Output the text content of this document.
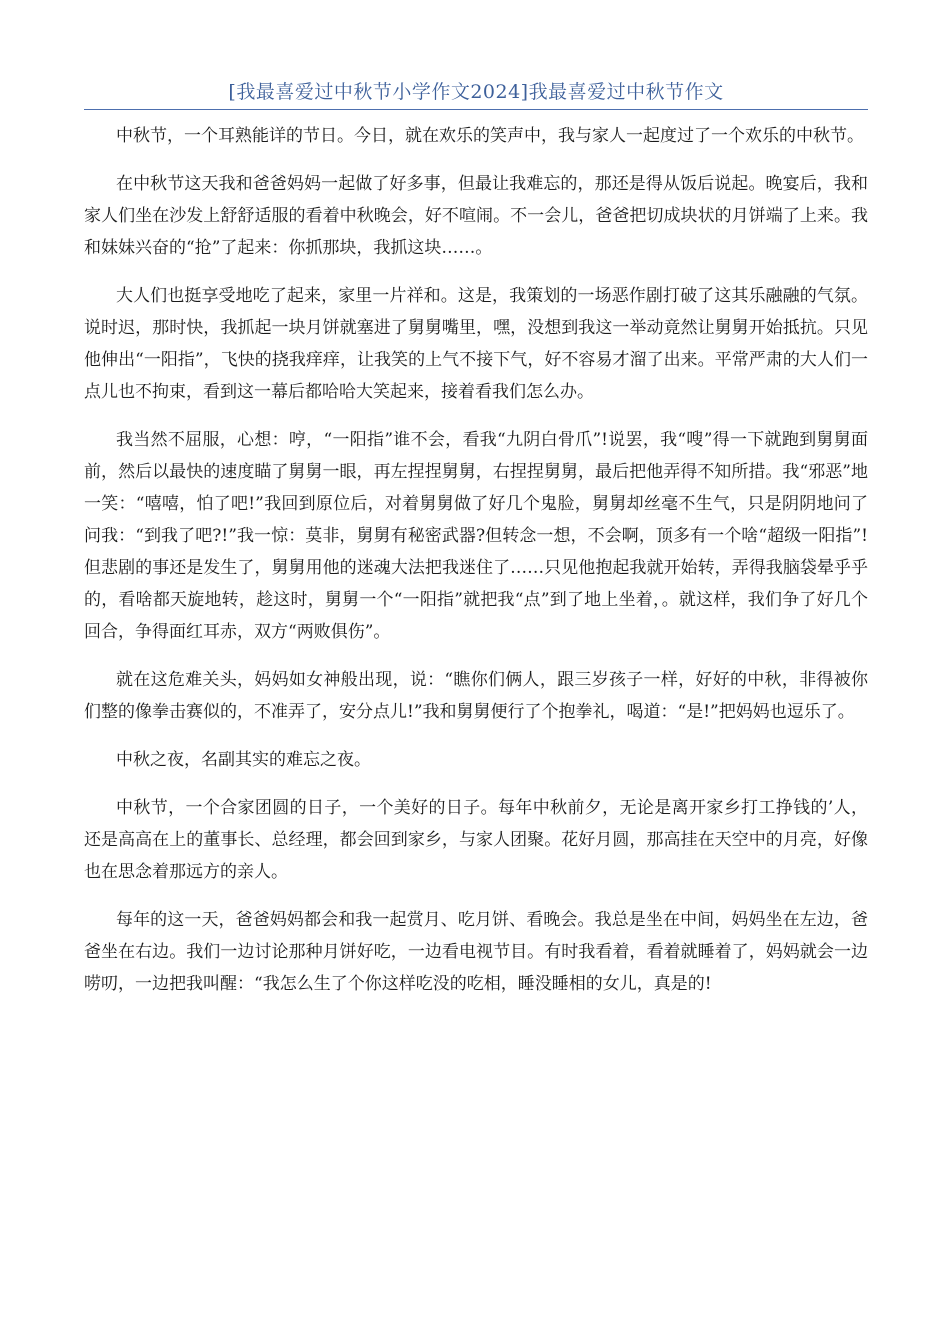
[我最喜爱过中秋节小学作文2024]我最喜爱过中秋节作文

中秋节，一个耳熟能详的节日。今日，就在欢乐的笑声中，我与家人一起度过了一个欢乐的中秋节。

在中秋节这天我和爸爸妈妈一起做了好多事，但最让我难忘的，那还是得从饭后说起。晚宴后，我和家人们坐在沙发上舒舒适服的看着中秋晚会，好不喧闹。不一会儿，爸爸把切成块状的月饼端了上来。我和妹妹兴奋的“抢”了起来：你抓那块，我抓这块……。

大人们也挺享受地吃了起来，家里一片祥和。这是，我策划的一场恶作剧打破了这其乐融融的气氛。说时迟，那时快，我抓起一块月饼就塞进了舅舅嘴里，嘿，没想到我这一举动竟然让舅舅开始抵抗。只见他伸出“一阳指”，飞快的挠我痒痒，让我笑的上气不接下气，好不容易才溜了出来。平常严肃的大人们一点儿也不拘束，看到这一幕后都哈哈大笑起来，接着看我们怎么办。

我当然不屈服，心想：哼，“一阳指”谁不会，看我“九阴白骨爪”!说罢，我“嗖”得一下就跑到舅舅面前，然后以最快的速度瞄了舅舅一眼，再左捏捏舅舅，右捏捏舅舅，最后把他弄得不知所措。我“邪恶”地一笑：“嘻嘻，怕了吧!”我回到原位后，对着舅舅做了好几个鬼脸，舅舅却丝毫不生气，只是阴阴地问了问我：“到我了吧?!”我一惊：莫非，舅舅有秘密武器?但转念一想，不会啊，顶多有一个啥“超级一阳指”!但悲剧的事还是发生了，舅舅用他的迷魂大法把我迷住了……只见他抱起我就开始转，弄得我脑袋晕乎乎的，看啥都天旋地转，趁这时，舅舅一个“一阳指”就把我“点”到了地上坐着，。就这样，我们争了好几个回合，争得面红耳赤，双方“两败俱伤”。

就在这危难关头，妈妈如女神般出现，说：“瞧你们俩人，跟三岁孩子一样，好好的中秋，非得被你们整的像拳击赛似的，不准弄了，安分点儿!”我和舅舅便行了个抱拳礼，喝道：“是!”把妈妈也逗乐了。

中秋之夜，名副其实的难忘之夜。

中秋节，一个合家团圆的日子，一个美好的日子。每年中秋前夕，无论是离开家乡打工挣钱的’人，还是高高在上的董事长、总经理，都会回到家乡，与家人团聚。花好月圆，那高挂在天空中的月亮，好像也在思念着那远方的亲人。

每年的这一天，爸爸妈妈都会和我一起赏月、吃月饼、看晚会。我总是坐在中间，妈妈坐在左边，爸爸坐在右边。我们一边讨论那种月饼好吃，一边看电视节目。有时我看着，看着就睡着了，妈妈就会一边唠叨，一边把我叫醒：“我怎么生了个你这样吃没的吃相，睡没睡相的女儿，真是的!
